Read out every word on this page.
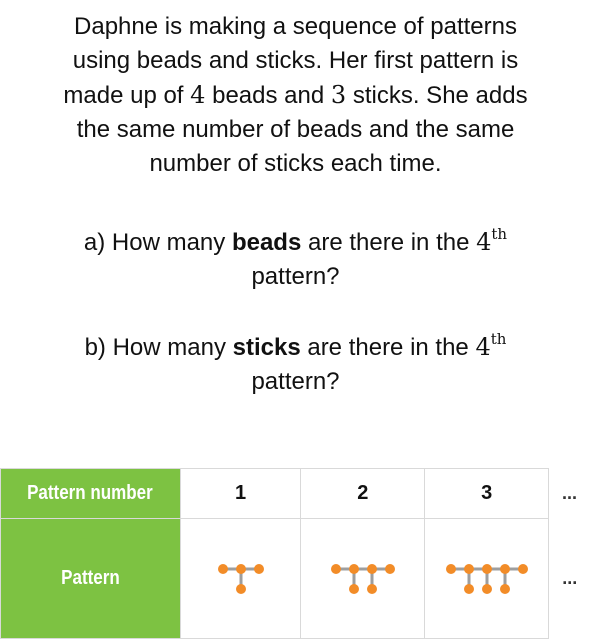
Daphne is making a sequence of patterns
using beads and sticks. Her first pattern is
made up of 4 beads and 3 sticks. She adds
the same number of beads and the same
number of sticks each time.
a) How many beads are there in the 4th
pattern?
b) How many sticks are there in the 4th
pattern?
Pattern number	1	2	3	...
Pattern				...
